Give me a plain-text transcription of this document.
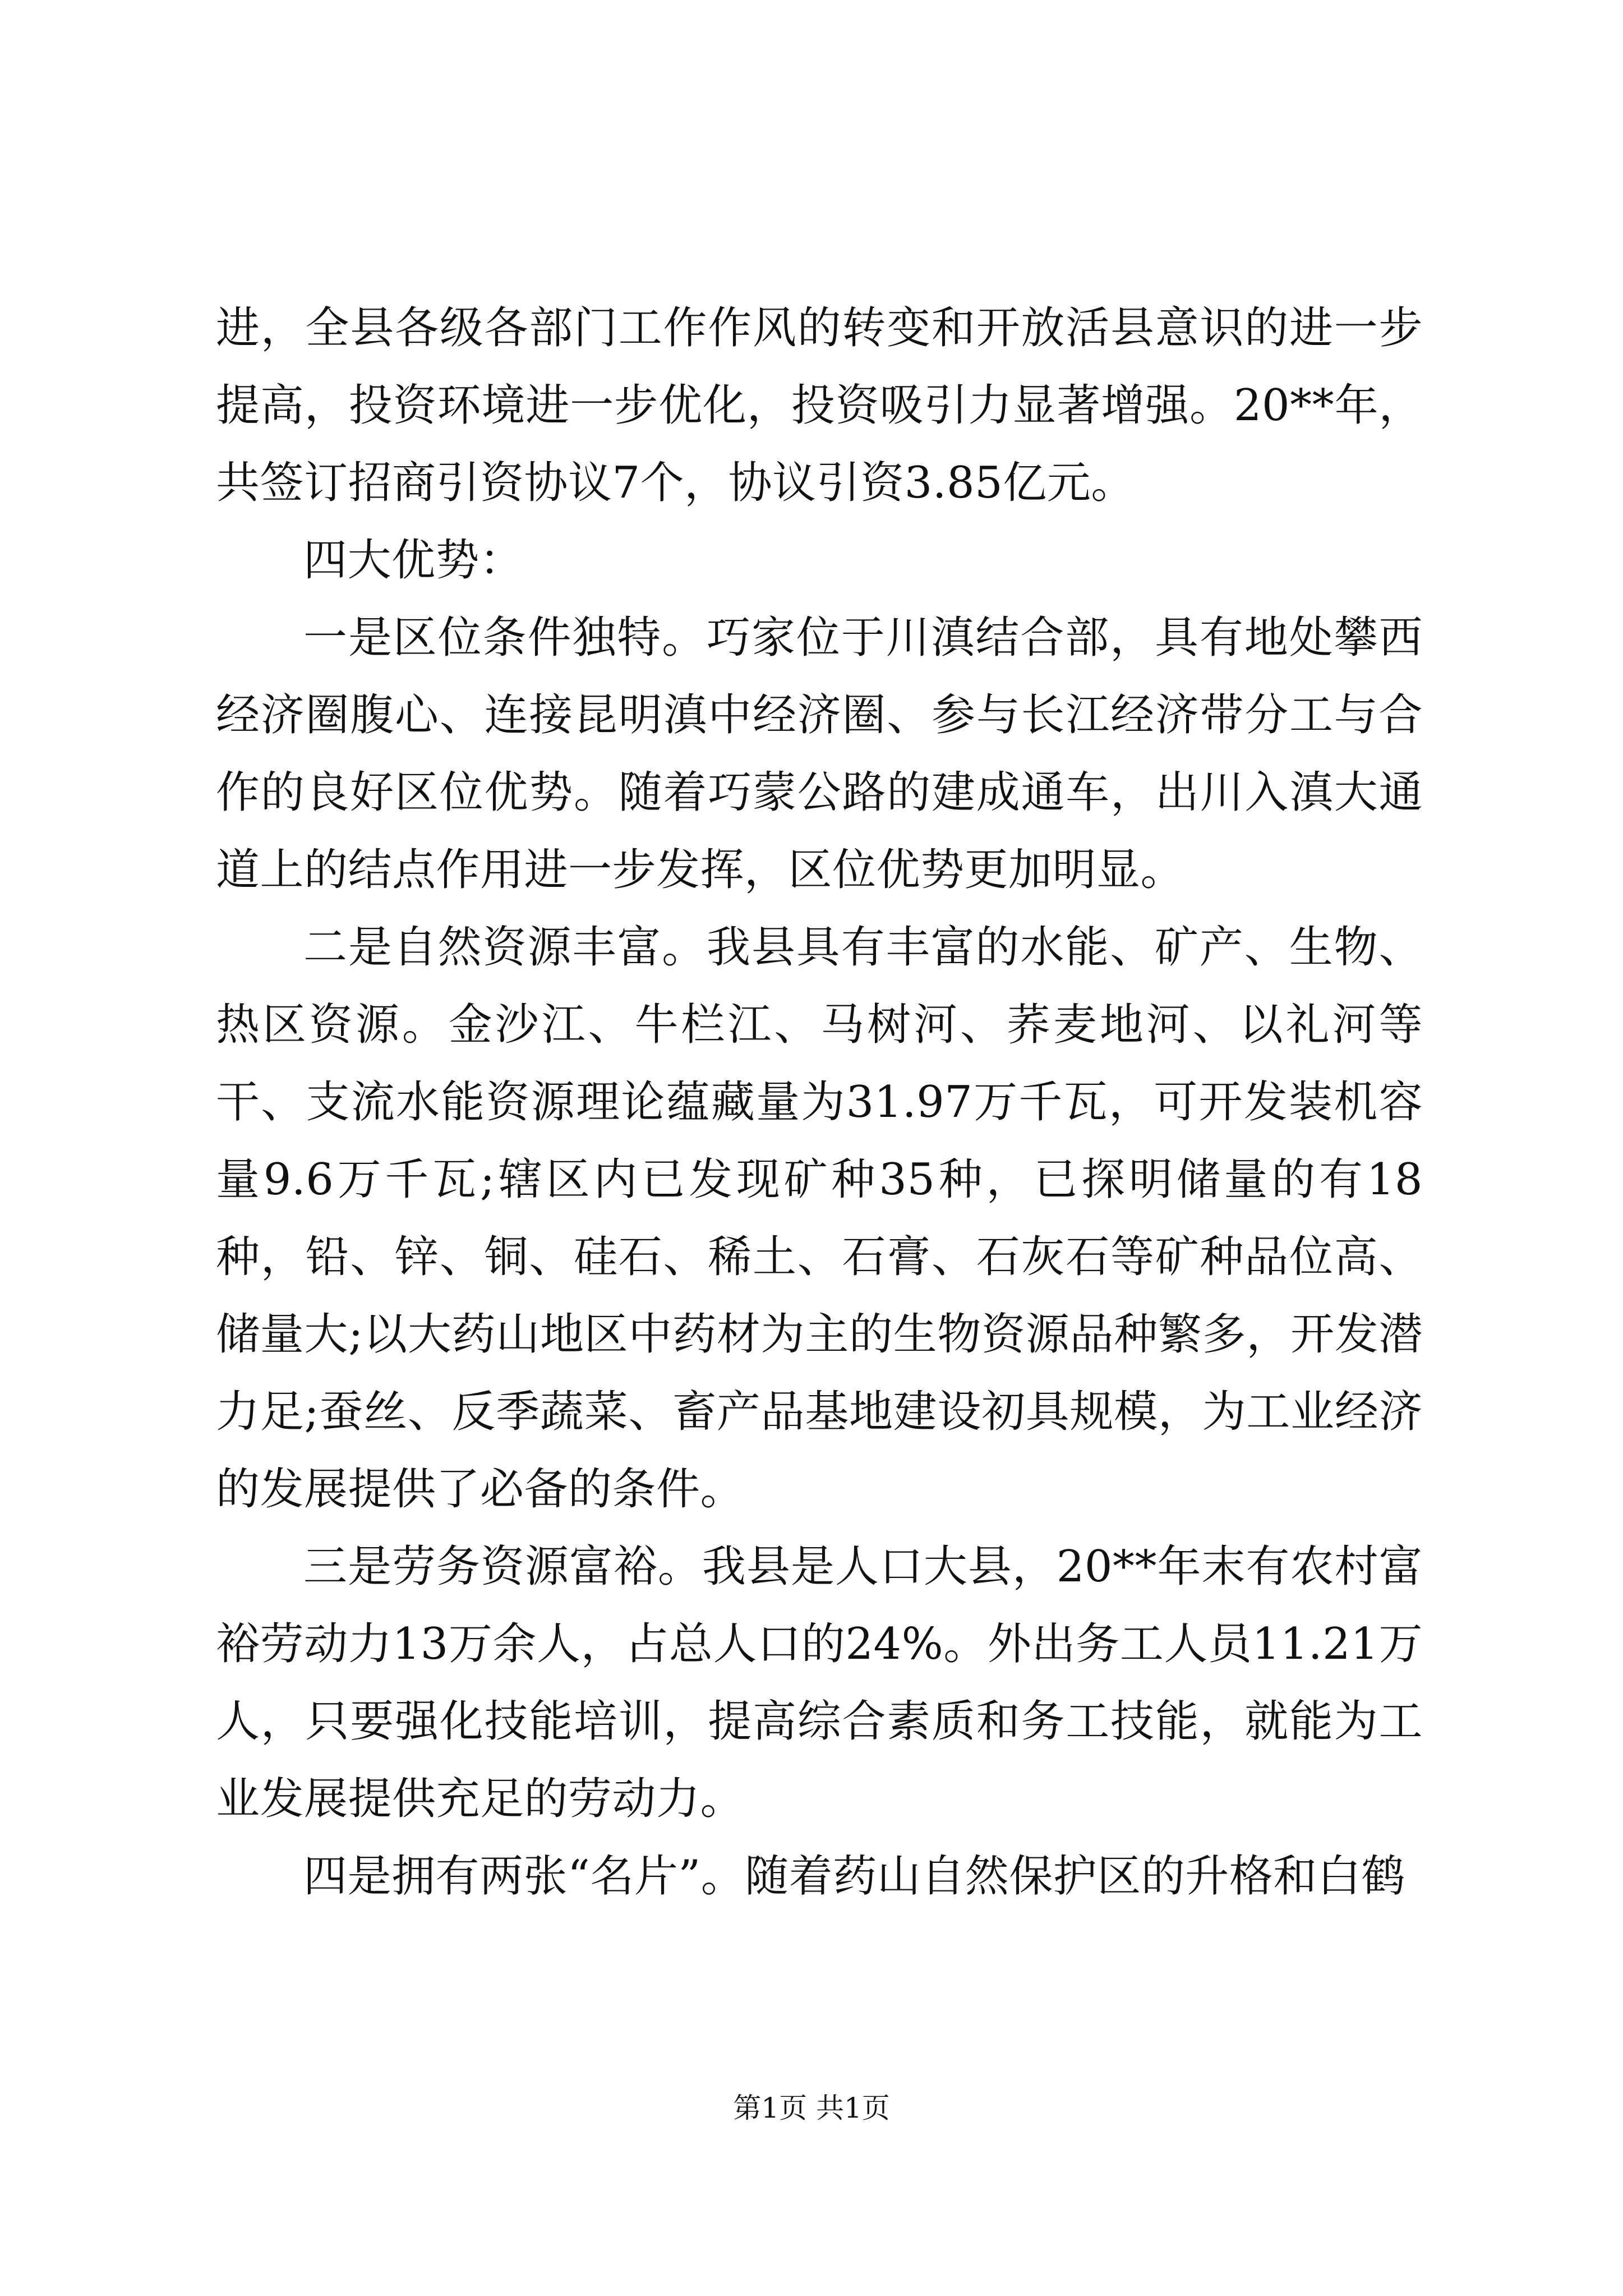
进，全县各级各部门工作作风的转变和开放活县意识的进一步提高，投资环境进一步优化，投资吸引力显著增强。20**年，共签订招商引资协议7个，协议引资3.85亿元。

四大优势：

一是区位条件独特。巧家位于川滇结合部，具有地处攀西经济圈腹心、连接昆明滇中经济圈、参与长江经济带分工与合作的良好区位优势。随着巧蒙公路的建成通车，出川入滇大通道上的结点作用进一步发挥，区位优势更加明显。

二是自然资源丰富。我县具有丰富的水能、矿产、生物、热区资源。金沙江、牛栏江、马树河、荞麦地河、以礼河等干、支流水能资源理论蕴藏量为31.97万千瓦，可开发装机容量9.6万千瓦;辖区内已发现矿种35种，已探明储量的有18种，铅、锌、铜、硅石、稀土、石膏、石灰石等矿种品位高、储量大;以大药山地区中药材为主的生物资源品种繁多，开发潜力足;蚕丝、反季蔬菜、畜产品基地建设初具规模，为工业经济的发展提供了必备的条件。

三是劳务资源富裕。我县是人口大县，20**年末有农村富裕劳动力13万余人，占总人口的24%。外出务工人员11.21万人，只要强化技能培训，提高综合素质和务工技能，就能为工业发展提供充足的劳动力。

四是拥有两张“名片”。随着药山自然保护区的升格和白鹤

第1页 共1页
